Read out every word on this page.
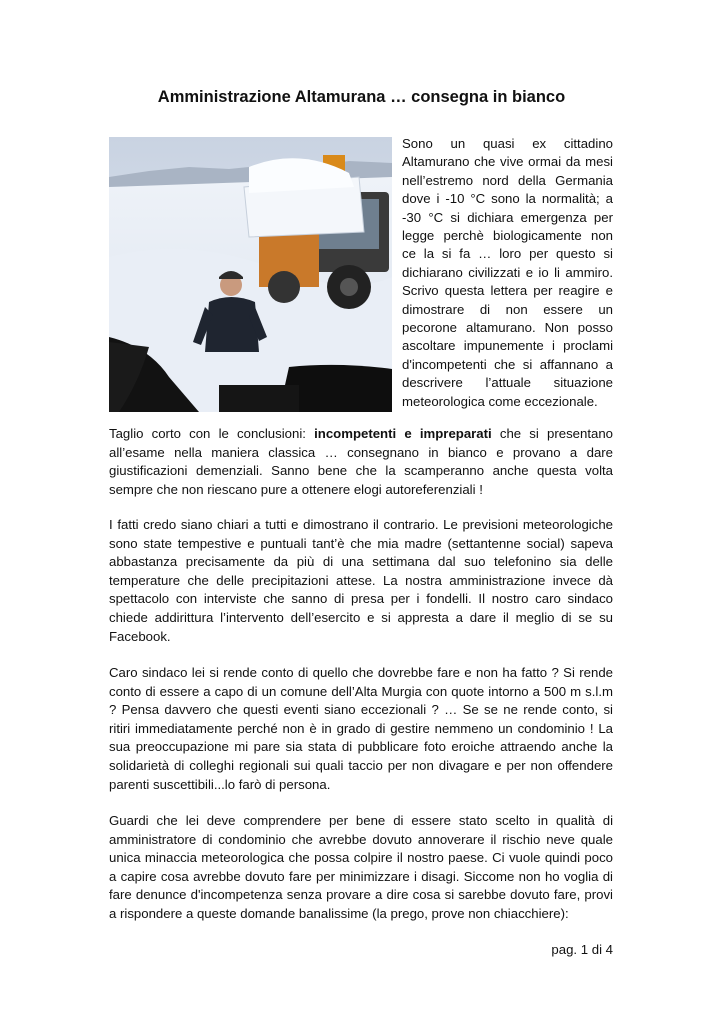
Amministrazione Altamurana … consegna in bianco

Sono un quasi ex cittadino Altamurano che vive ormai da mesi nell’estremo nord della Germania dove i -10 °C sono la normalità; a -30 °C si dichiara emergenza per legge perchè biologicamente non ce la si fa … loro per questo si dichiarano civilizzati e io li ammiro. Scrivo questa lettera per reagire e dimostrare di non essere un pecorone altamurano. Non posso ascoltare impunemente i proclami d'incompetenti che si affannano a descrivere l’attuale situazione meteorologica come eccezionale.

Taglio corto con le conclusioni: incompetenti e impreparati che si presentano all’esame nella maniera classica … consegnano in bianco e provano a dare giustificazioni demenziali. Sanno bene che la scamperanno anche questa volta sempre che non riescano pure a ottenere elogi autoreferenziali !

I fatti credo siano chiari a tutti e dimostrano il contrario. Le previsioni meteorologiche sono state tempestive e puntuali tant’è che mia madre (settantenne social) sapeva abbastanza precisamente da più di una settimana dal suo telefonino sia delle temperature che delle precipitazioni attese. La nostra amministrazione invece dà spettacolo con interviste che sanno di presa per i fondelli. Il nostro caro sindaco chiede addirittura l’intervento dell’esercito e si appresta a dare il meglio di se su Facebook.

Caro sindaco lei si rende conto di quello che dovrebbe fare e non ha fatto ? Si rende conto di essere a capo di un comune dell’Alta Murgia con quote intorno a 500 m s.l.m ? Pensa davvero che questi eventi siano eccezionali ? … Se se ne rende conto, si ritiri immediatamente perché non è in grado di gestire nemmeno un condominio ! La sua preoccupazione mi pare sia stata di pubblicare foto eroiche attraendo anche la solidarietà di colleghi regionali sui quali taccio per non divagare e per non offendere parenti suscettibili...lo farò di persona.

Guardi che lei deve comprendere per bene di essere stato scelto in qualità di amministratore di condominio che avrebbe dovuto annoverare il rischio neve quale unica minaccia meteorologica che possa colpire il nostro paese. Ci vuole quindi poco a capire cosa avrebbe dovuto fare per minimizzare i disagi. Siccome non ho voglia di fare denunce d'incompetenza senza provare a dire cosa si sarebbe dovuto fare, provi a rispondere a queste domande banalissime (la prego, prove non chiacchiere):

pag. 1 di 4
